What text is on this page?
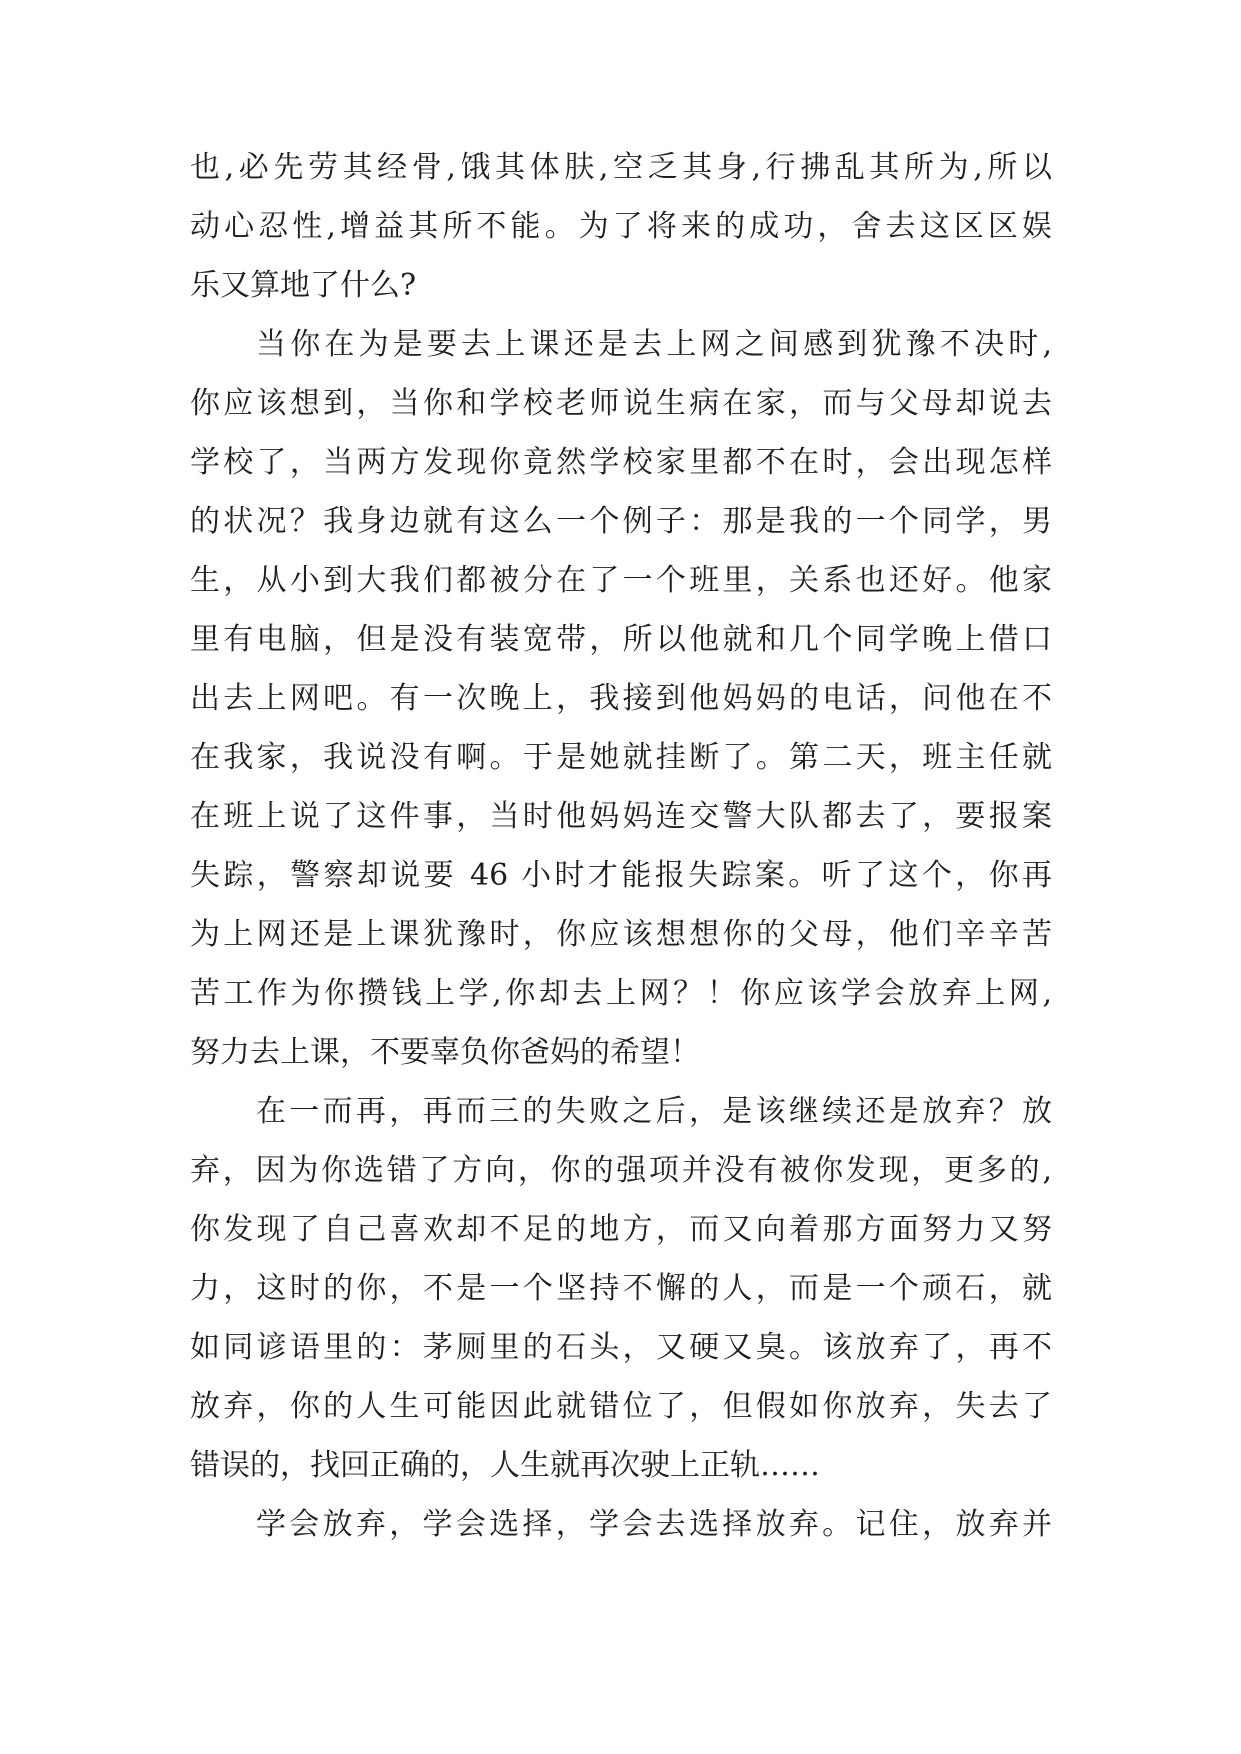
也,必先劳其经骨,饿其体肤,空乏其身,行拂乱其所为,所以

动心忍性,增益其所不能。为了将来的成功，舍去这区区娱

乐又算地了什么?

当你在为是要去上课还是去上网之间感到犹豫不决时,

你应该想到，当你和学校老师说生病在家，而与父母却说去

学校了，当两方发现你竟然学校家里都不在时，会出现怎样

的状况？我身边就有这么一个例子：那是我的一个同学，男

生，从小到大我们都被分在了一个班里，关系也还好。他家

里有电脑，但是没有装宽带，所以他就和几个同学晚上借口

出去上网吧。有一次晚上，我接到他妈妈的电话，问他在不

在我家，我说没有啊。于是她就挂断了。第二天，班主任就

在班上说了这件事，当时他妈妈连交警大队都去了，要报案

失踪，警察却说要 46 小时才能报失踪案。听了这个，你再

为上网还是上课犹豫时，你应该想想你的父母，他们辛辛苦

苦工作为你攒钱上学,你却去上网？！你应该学会放弃上网,

努力去上课，不要辜负你爸妈的希望！

在一而再，再而三的失败之后，是该继续还是放弃？放

弃，因为你选错了方向，你的强项并没有被你发现，更多的,

你发现了自己喜欢却不足的地方，而又向着那方面努力又努

力，这时的你，不是一个坚持不懈的人，而是一个顽石，就

如同谚语里的：茅厕里的石头，又硬又臭。该放弃了，再不

放弃，你的人生可能因此就错位了，但假如你放弃，失去了

错误的，找回正确的，人生就再次驶上正轨……

学会放弃，学会选择，学会去选择放弃。记住，放弃并
